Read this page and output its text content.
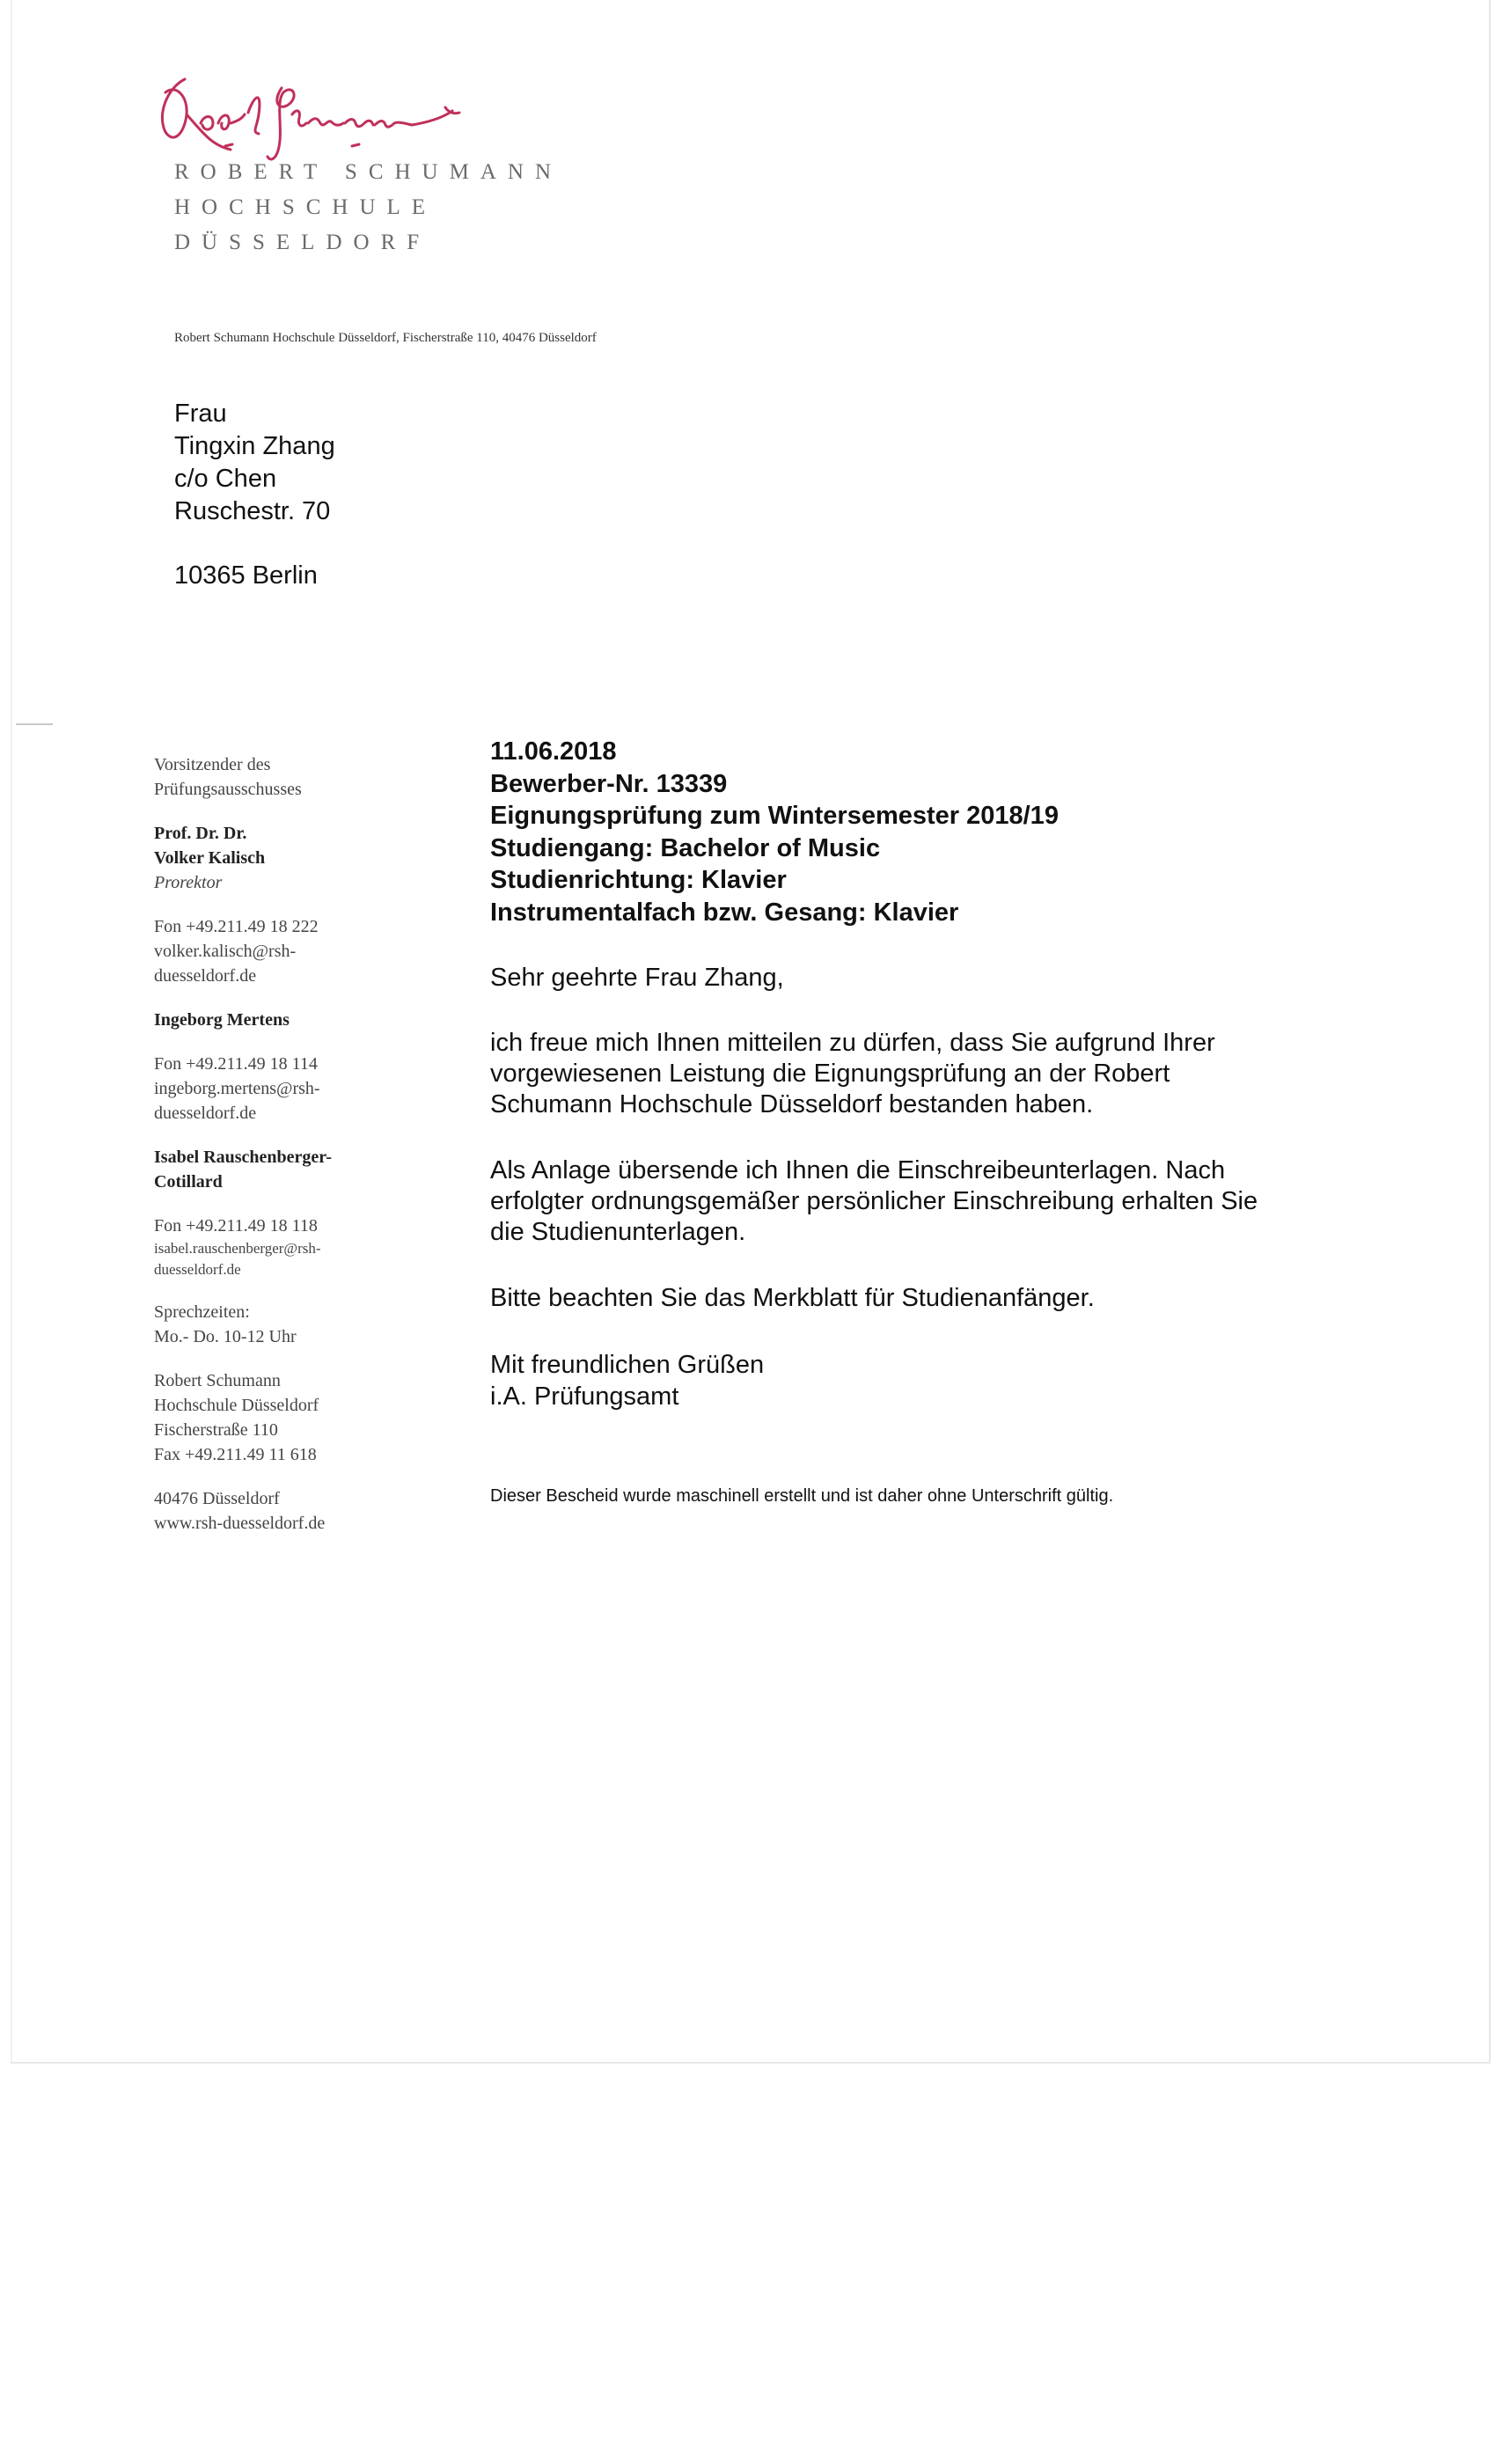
ROBERT SCHUMANN
HOCHSCHULE
DÜSSELDORF
Robert Schumann Hochschule Düsseldorf, Fischerstraße 110, 40476 Düsseldorf
Frau
Tingxin Zhang
c/o Chen
Ruschestr. 70
10365 Berlin
Vorsitzender des
Prüfungsausschusses
Prof. Dr. Dr.
Volker Kalisch
Prorektor
Fon +49.211.49 18 222
volker.kalisch@rsh-
duesseldorf.de
Ingeborg Mertens
Fon +49.211.49 18 114
ingeborg.mertens@rsh-
duesseldorf.de
Isabel Rauschenberger-
Cotillard
Fon +49.211.49 18 118
isabel.rauschenberger@rsh-
duesseldorf.de
Sprechzeiten:
Mo.- Do. 10-12 Uhr
Robert Schumann
Hochschule Düsseldorf
Fischerstraße 110
Fax +49.211.49 11 618
40476 Düsseldorf
www.rsh-duesseldorf.de
11.06.2018
Bewerber-Nr. 13339
Eignungsprüfung zum Wintersemester 2018/19
Studiengang: Bachelor of Music
Studienrichtung: Klavier
Instrumentalfach bzw. Gesang: Klavier
Sehr geehrte Frau Zhang,
ich freue mich Ihnen mitteilen zu dürfen, dass Sie aufgrund Ihrer
vorgewiesenen Leistung die Eignungsprüfung an der Robert
Schumann Hochschule Düsseldorf bestanden haben.
Als Anlage übersende ich Ihnen die Einschreibeunterlagen. Nach
erfolgter ordnungsgemäßer persönlicher Einschreibung erhalten Sie
die Studienunterlagen.
Bitte beachten Sie das Merkblatt für Studienanfänger.
Mit freundlichen Grüßen
i.A. Prüfungsamt
Dieser Bescheid wurde maschinell erstellt und ist daher ohne Unterschrift gültig.
